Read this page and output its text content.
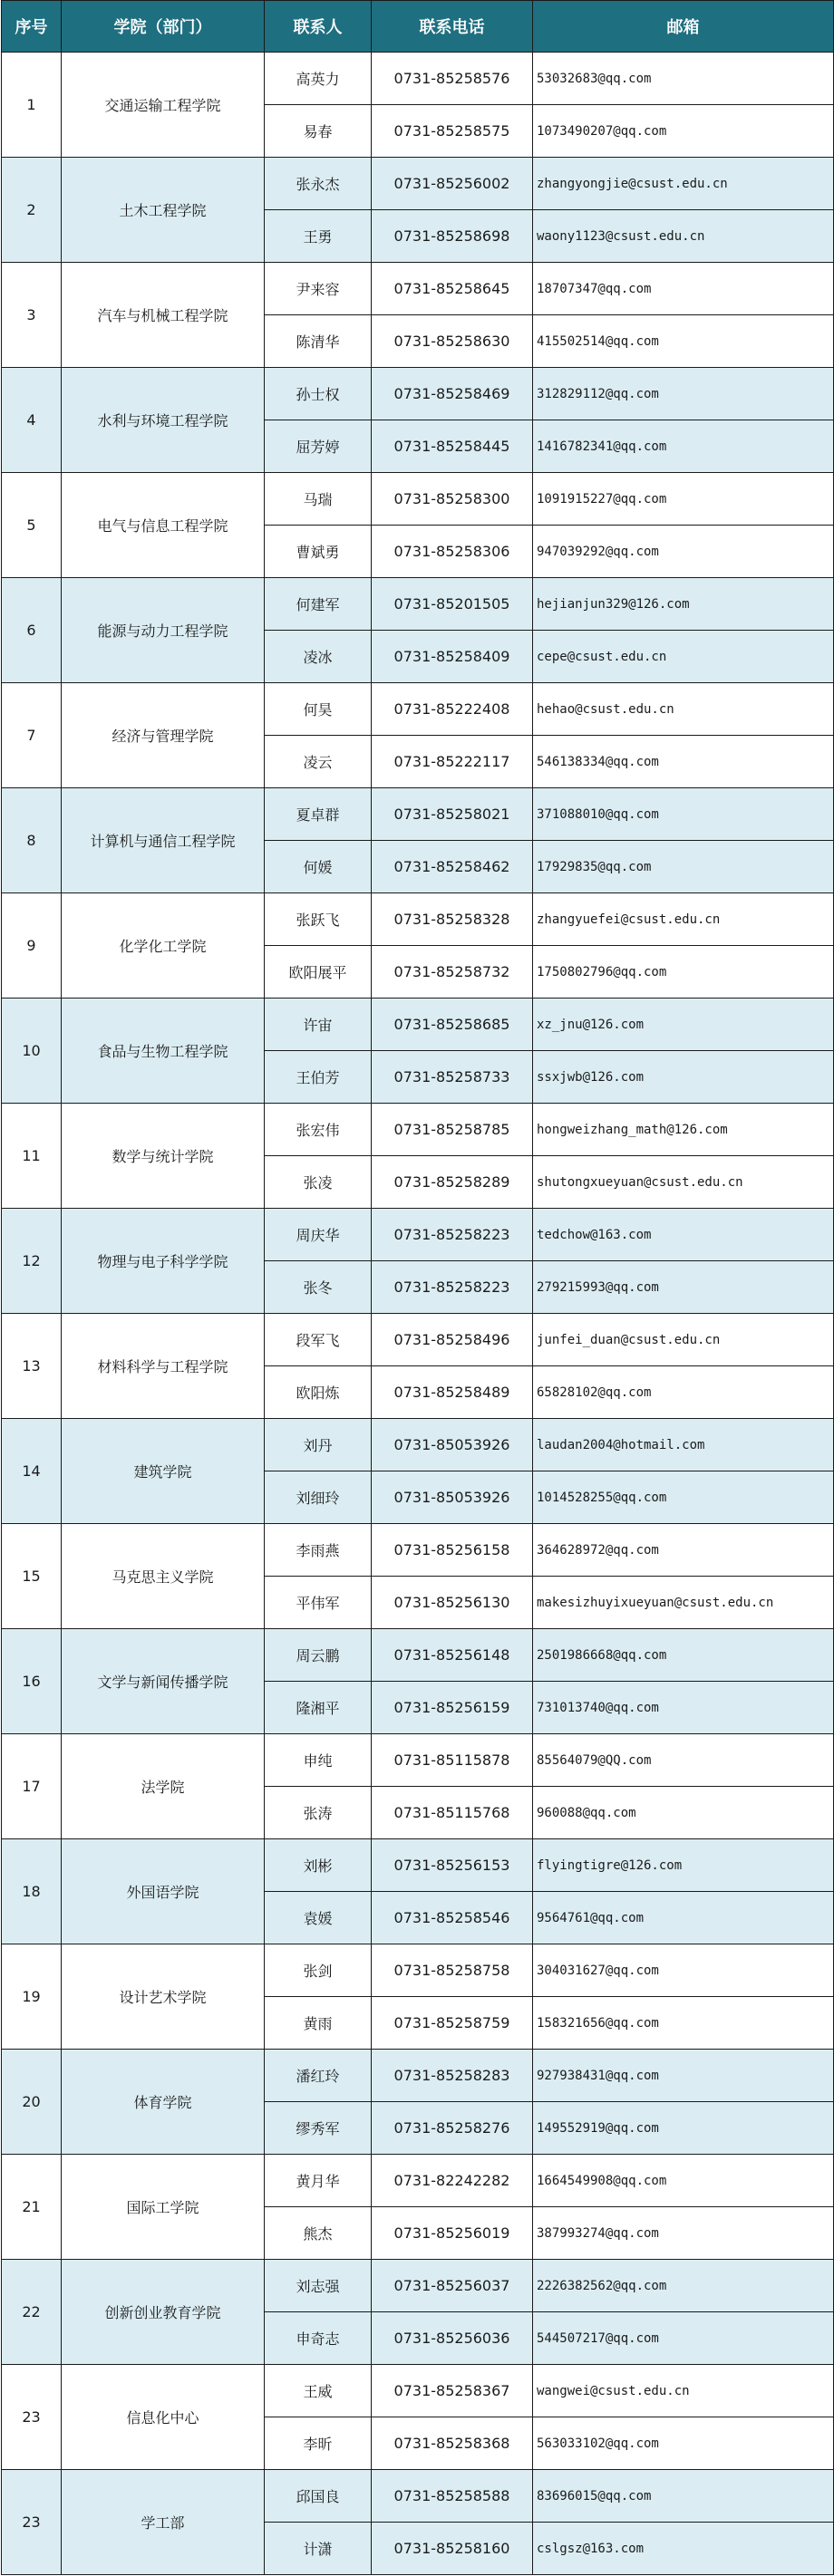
序号	学院（部门）	联系人	联系电话	邮箱
1	交通运输工程学院	高英力	0731-85258576	53032683@qq.com
		易春	0731-85258575	1073490207@qq.com
2	土木工程学院	张永杰	0731-85256002	zhangyongjie@csust.edu.cn
		王勇	0731-85258698	waony1123@csust.edu.cn
3	汽车与机械工程学院	尹来容	0731-85258645	18707347@qq.com
		陈清华	0731-85258630	415502514@qq.com
4	水利与环境工程学院	孙士权	0731-85258469	312829112@qq.com
		屈芳婷	0731-85258445	1416782341@qq.com
5	电气与信息工程学院	马瑞	0731-85258300	1091915227@qq.com
		曹斌勇	0731-85258306	947039292@qq.com
6	能源与动力工程学院	何建军	0731-85201505	hejianjun329@126.com
		凌冰	0731-85258409	cepe@csust.edu.cn
7	经济与管理学院	何昊	0731-85222408	hehao@csust.edu.cn
		凌云	0731-85222117	546138334@qq.com
8	计算机与通信工程学院	夏卓群	0731-85258021	371088010@qq.com
		何媛	0731-85258462	17929835@qq.com
9	化学化工学院	张跃飞	0731-85258328	zhangyuefei@csust.edu.cn
		欧阳展平	0731-85258732	1750802796@qq.com
10	食品与生物工程学院	许宙	0731-85258685	xz_jnu@126.com
		王伯芳	0731-85258733	ssxjwb@126.com
11	数学与统计学院	张宏伟	0731-85258785	hongweizhang_math@126.com
		张凌	0731-85258289	shutongxueyuan@csust.edu.cn
12	物理与电子科学学院	周庆华	0731-85258223	tedchow@163.com
		张冬	0731-85258223	279215993@qq.com
13	材料科学与工程学院	段军飞	0731-85258496	junfei_duan@csust.edu.cn
		欧阳炼	0731-85258489	65828102@qq.com
14	建筑学院	刘丹	0731-85053926	laudan2004@hotmail.com
		刘细玲	0731-85053926	1014528255@qq.com
15	马克思主义学院	李雨燕	0731-85256158	364628972@qq.com
		平伟军	0731-85256130	makesizhuyixueyuan@csust.edu.cn
16	文学与新闻传播学院	周云鹏	0731-85256148	2501986668@qq.com
		隆湘平	0731-85256159	731013740@qq.com
17	法学院	申纯	0731-85115878	85564079@QQ.com
		张涛	0731-85115768	960088@qq.com
18	外国语学院	刘彬	0731-85256153	flyingtigre@126.com
		袁媛	0731-85258546	9564761@qq.com
19	设计艺术学院	张剑	0731-85258758	304031627@qq.com
		黄雨	0731-85258759	158321656@qq.com
20	体育学院	潘红玲	0731-85258283	927938431@qq.com
		缪秀军	0731-85258276	149552919@qq.com
21	国际工学院	黄月华	0731-82242282	1664549908@qq.com
		熊杰	0731-85256019	387993274@qq.com
22	创新创业教育学院	刘志强	0731-85256037	2226382562@qq.com
		申奇志	0731-85256036	544507217@qq.com
23	信息化中心	王威	0731-85258367	wangwei@csust.edu.cn
		李昕	0731-85258368	563033102@qq.com
23	学工部	邱国良	0731-85258588	83696015@qq.com
		计潇	0731-85258160	cslgsz@163.com
